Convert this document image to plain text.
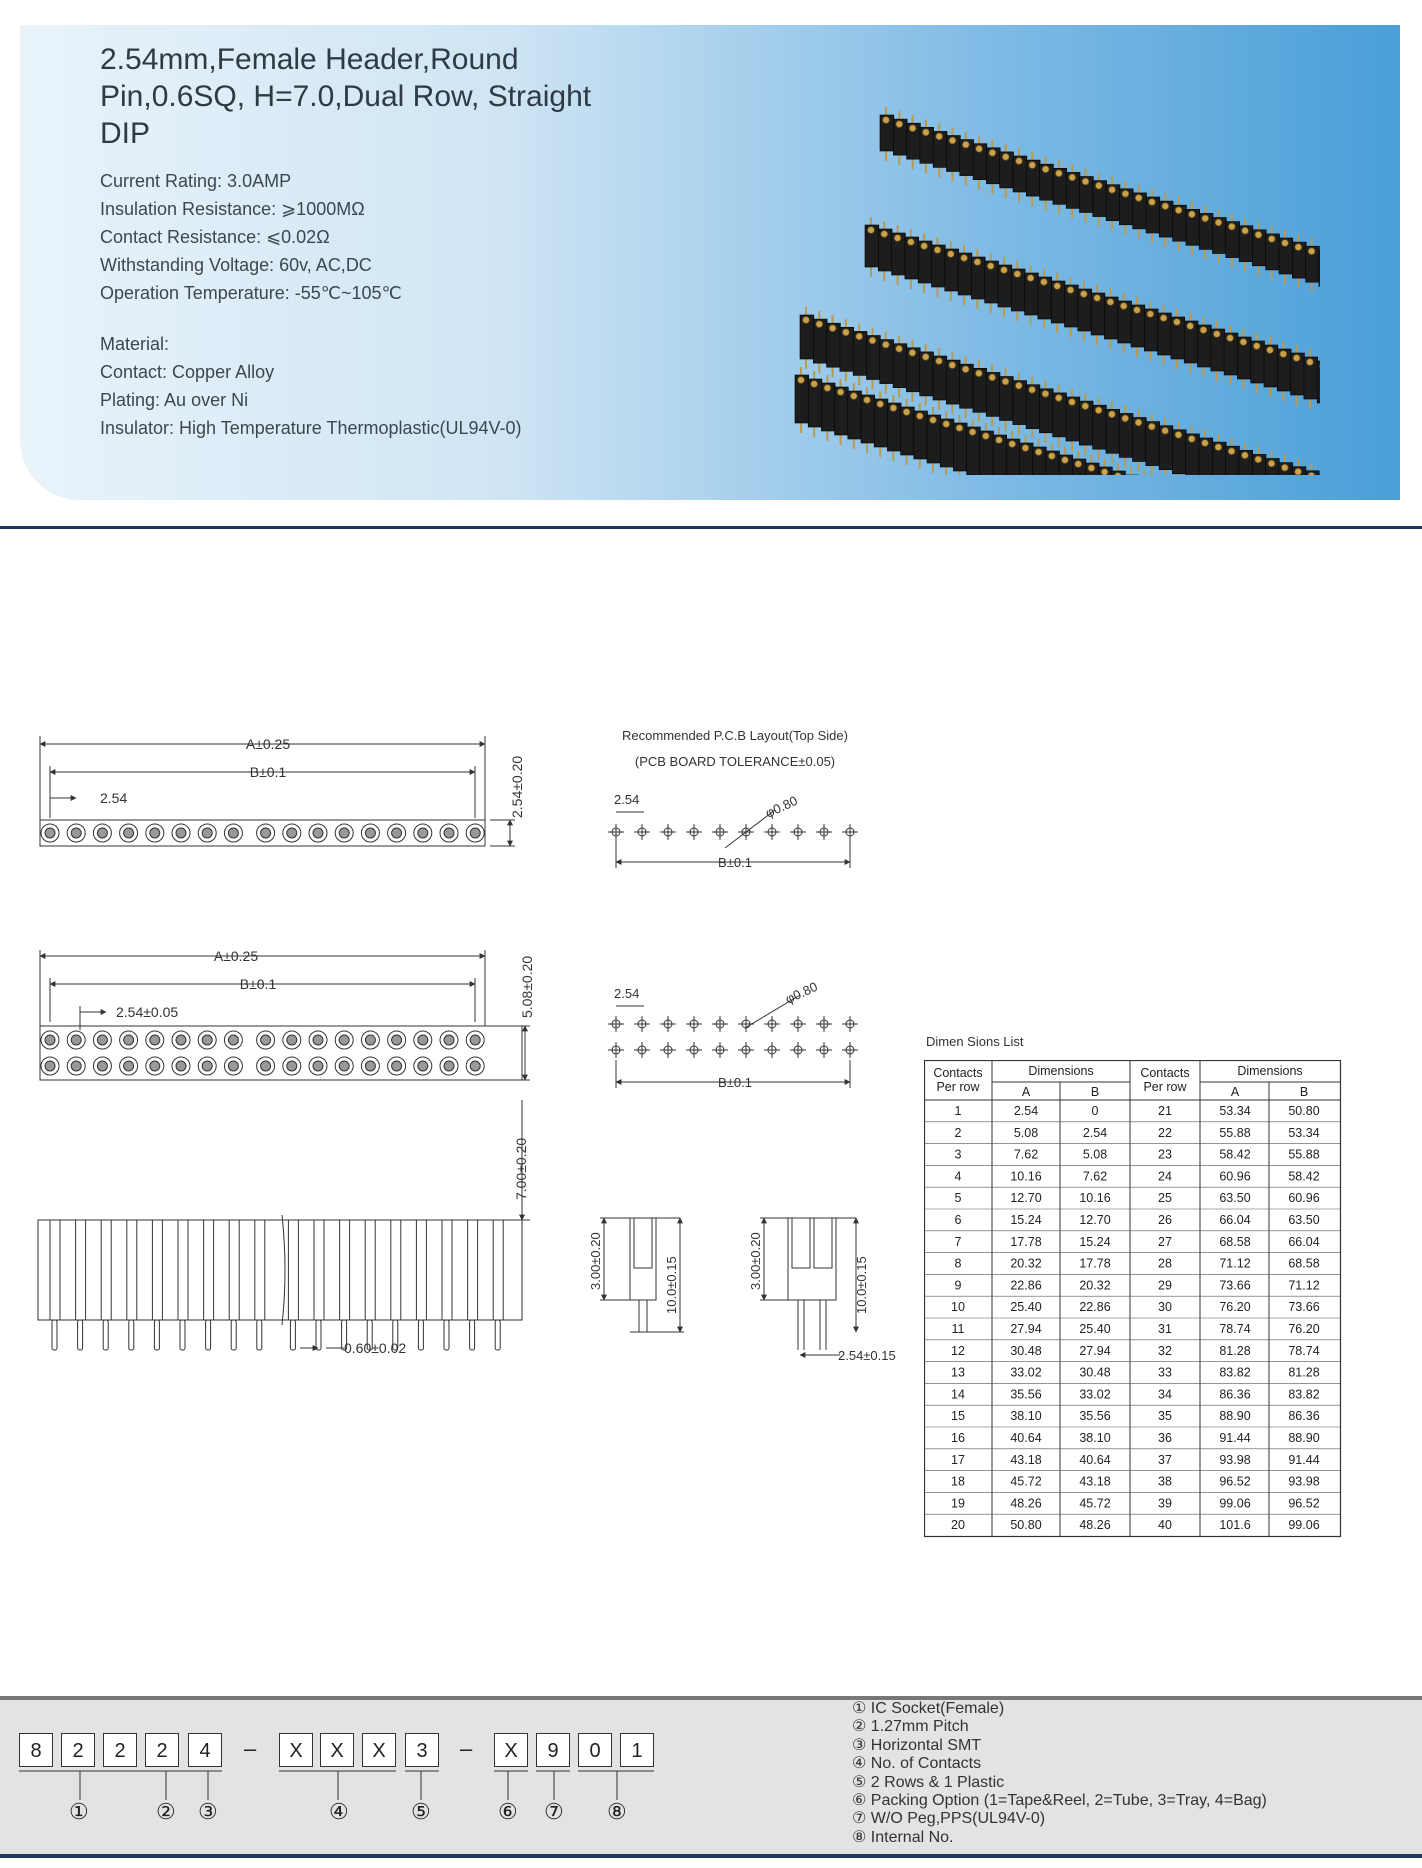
2.54mm,Female Header,Round Pin,0.6SQ, H=7.0,Dual Row, Straight DIP
Current Rating: 3.0AMP
Insulation Resistance: ⩾1000MΩ
Contact Resistance: ⩽0.02Ω
Withstanding Voltage: 60v, AC,DC
Operation Temperature: -55℃~105℃
Material:
Contact: Copper Alloy
Plating: Au over Ni
Insulator: High Temperature Thermoplastic(UL94V-0)
A±0.25
B±0.1
2.54	2.54±0.20
A±0.25
B±0.1
2.54±0.05	5.08±0.20
7.00±0.20
0.60±0.02
Recommended P.C.B Layout(Top Side)
(PCB BOARD TOLERANCE±0.05)
2.54	φ0.80
B±0.1
2.54	φ0.80
B±0.1
3.00±0.20	10.0±0.15	3.00±0.20	10.0±0.15
2.54±0.15
Dimen Sions List
Contacts
Per row
Contacts
Per row
Dimensions	Dimensions
A	B	A	B
1	2.54	0	21	53.34	50.80
2	5.08	2.54	22	55.88	53.34
3	7.62	5.08	23	58.42	55.88
4	10.16	7.62	24	60.96	58.42
5	12.70	10.16	25	63.50	60.96
6	15.24	12.70	26	66.04	63.50
7	17.78	15.24	27	68.58	66.04
8	20.32	17.78	28	71.12	68.58
9	22.86	20.32	29	73.66	71.12
10	25.40	22.86	30	76.20	73.66
11	27.94	25.40	31	78.74	76.20
12	30.48	27.94	32	81.28	78.74
13	33.02	30.48	33	83.82	81.28
14	35.56	33.02	34	86.36	83.82
15	38.10	35.56	35	88.90	86.36
16	40.64	38.10	36	91.44	88.90
17	43.18	40.64	37	93.98	91.44
18	45.72	43.18	38	96.52	93.98
19	48.26	45.72	39	99.06	96.52
20	50.80	48.26	40	101.6	99.06
8	2	2	2	4	X	X	X	3	X	9	0	1
–	–
①	② ③	④	⑤	⑥ ⑦ ⑧
① IC Socket(Female)
② 1.27mm Pitch
③ Horizontal SMT
④ No. of Contacts
⑤ 2 Rows & 1 Plastic
⑥ Packing Option (1=Tape&Reel, 2=Tube, 3=Tray, 4=Bag)
⑦ W/O Peg,PPS(UL94V-0)
⑧ Internal No.
